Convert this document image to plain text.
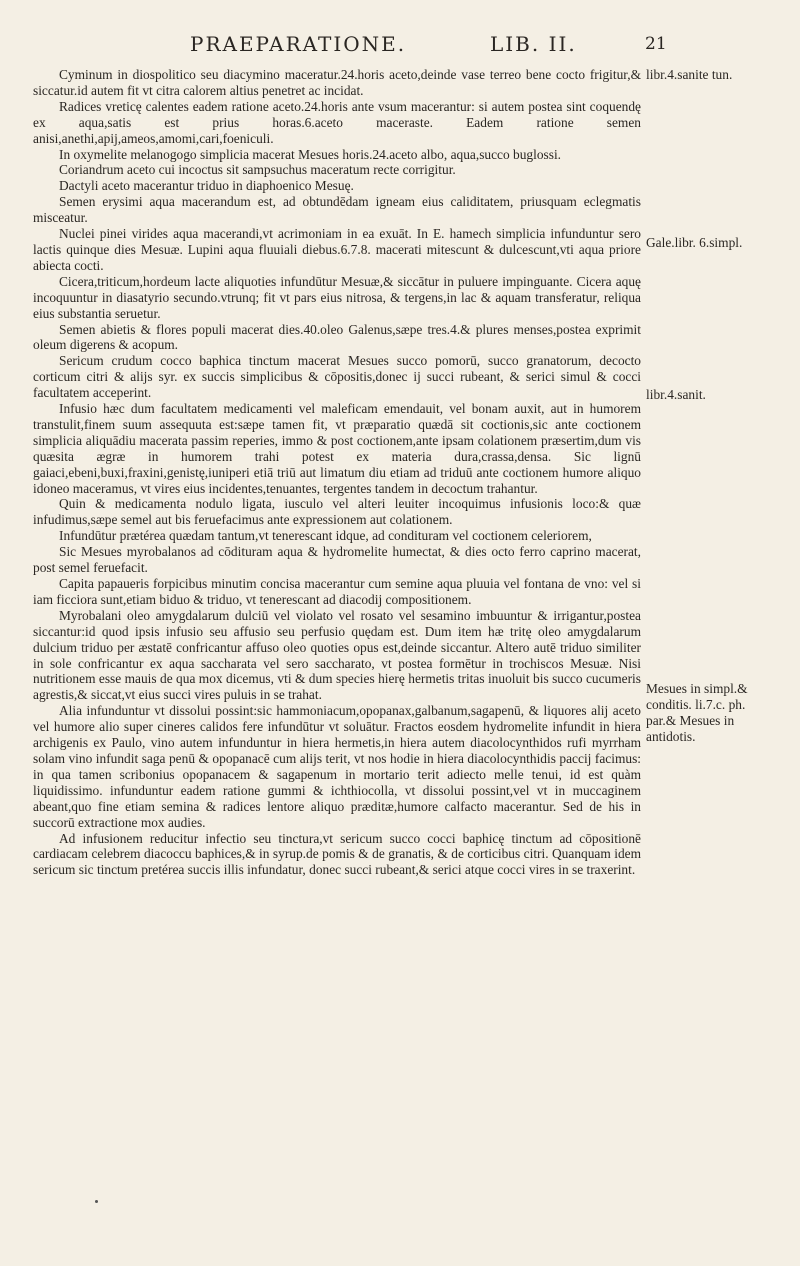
PRAEPARATIONE.	LIB. II.	21

Cyminum in diospolitico seu diacymino maceratur.24.horis aceto,deinde vase terreo bene cocto frigitur,& siccatur.id autem fit vt citra calorem altius penetret ac incidat.

Radices vreticę calentes eadem ratione aceto.24.horis ante vsum macerantur: si autem postea sint coquendę ex aqua,satis est prius horas.6.aceto maceraste. Eadem ratione semen anisi,anethi,apij,ameos,amomi,cari,foeniculi.

In oxymelite melanogogo simplicia macerat Mesues horis.24.aceto albo, aqua,succo buglossi.

Coriandrum aceto cui incoctus sit sampsuchus maceratum recte corrigitur.

Dactyli aceto macerantur triduo in diaphoenico Mesuę.

Semen erysimi aqua macerandum est, ad obtundēdam igneam eius caliditatem, priusquam eclegmatis misceatur.

Nuclei pinei virides aqua macerandi,vt acrimoniam in ea exuāt. In E. hamech simplicia infunduntur sero lactis quinque dies Mesuæ. Lupini aqua fluuiali diebus.6.7.8. macerati mitescunt & dulcescunt,vti aqua priore abiecta cocti.

Cicera,triticum,hordeum lacte aliquoties infundūtur Mesuæ,& siccātur in puluere impinguante. Cicera aquę incoquuntur in diasatyrio secundo.vtrunq; fit vt pars eius nitrosa, & tergens,in lac & aquam transferatur, reliqua eius substantia seruetur.

Semen abietis & flores populi macerat dies.40.oleo Galenus,sæpe tres.4.& plures menses,postea exprimit oleum digerens & acopum.

Sericum crudum cocco baphica tinctum macerat Mesues succo pomorū, succo granatorum, decocto corticum citri & alijs syr. ex succis simplicibus & cōpositis,donec ij succi rubeant, & serici simul & cocci facultatem acceperint.

Infusio hæc dum facultatem medicamenti vel maleficam emendauit, vel bonam auxit, aut in humorem transtulit,finem suum assequuta est:sæpe tamen fit, vt præparatio quædā sit coctionis,sic ante coctionem simplicia aliquādiu macerata passim reperies, immo & post coctionem,ante ipsam colationem præsertim,dum vis quæsita ægræ in humorem trahi potest ex materia dura,crassa,densa. Sic lignū gaiaci,ebeni,buxi,fraxini,genistę,iuniperi etiā triū aut limatum diu etiam ad triduū ante coctionem humore aliquo idoneo maceramus, vt vires eius incidentes,tenuantes, tergentes tandem in decoctum trahantur.

Quin & medicamenta nodulo ligata, iusculo vel alteri leuiter incoquimus infusionis loco:& quæ infudimus,sæpe semel aut bis feruefacimus ante expressionem aut colationem.

Infundūtur prætérea quædam tantum,vt tenerescant idque, ad condituram vel coctionem celeriorem,

Sic Mesues myrobalanos ad cōdituram aqua & hydromelite humectat, & dies octo ferro caprino macerat, post semel feruefacit.

Capita papaueris forpicibus minutim concisa macerantur cum semine aqua pluuia vel fontana de vno: vel si iam ficciora sunt,etiam biduo & triduo, vt tenerescant ad diacodij compositionem.

Myrobalani oleo amygdalarum dulciū vel violato vel rosato vel sesamino imbuuntur & irrigantur,postea siccantur:id quod ipsis infusio seu affusio seu perfusio quędam est. Dum item hæ tritę oleo amygdalarum dulcium triduo per æstatē confricantur affuso oleo quoties opus est,deinde siccantur. Altero autē triduo similiter in sole confricantur ex aqua saccharata vel sero saccharato, vt postea formētur in trochiscos Mesuæ. Nisi nutritionem esse mauis de qua mox dicemus, vti & dum species hierę hermetis tritas inuoluit bis succo cucumeris agrestis,& siccat,vt eius succi vires puluis in se trahat.

Alia infunduntur vt dissolui possint:sic hammoniacum,opopanax,galbanum,sagapenū, & liquores alij aceto vel humore alio super cineres calidos fere infundūtur vt soluātur. Fractos eosdem hydromelite infundit in hiera archigenis ex Paulo, vino autem infunduntur in hiera hermetis,in hiera autem diacolocynthidos rufi myrrham solam vino infundit saga penū & opopanacē cum alijs terit, vt nos hodie in hiera diacolocynthidis paccij facimus: in qua tamen scribonius opopanacem & sagapenum in mortario terit adiecto melle tenui, id est quàm liquidissimo. infunduntur eadem ratione gummi & ichthiocolla, vt dissolui possint,vel vt in muccaginem abeant,quo fine etiam semina & radices lentore aliquo præditæ,humore calfacto macerantur. Sed de his in succorū extractione mox audies.

Ad infusionem reducitur infectio seu tinctura,vt sericum succo cocci baphicę tinctum ad cōpositionē cardiacam celebrem diacoccu baphices,& in syrup.de pomis & de granatis, & de corticibus citri. Quanquam idem sericum sic tinctum pretérea succis illis infundatur, donec succi rubeant,& serici atque cocci vires in se traxerint.

libr.4.sanite tun.
Gale.libr. 6.simpl.
libr.4.sanit.
Mesues in simpl.& conditis. li.7.c. ph. par.& Mesues in antidotis.
